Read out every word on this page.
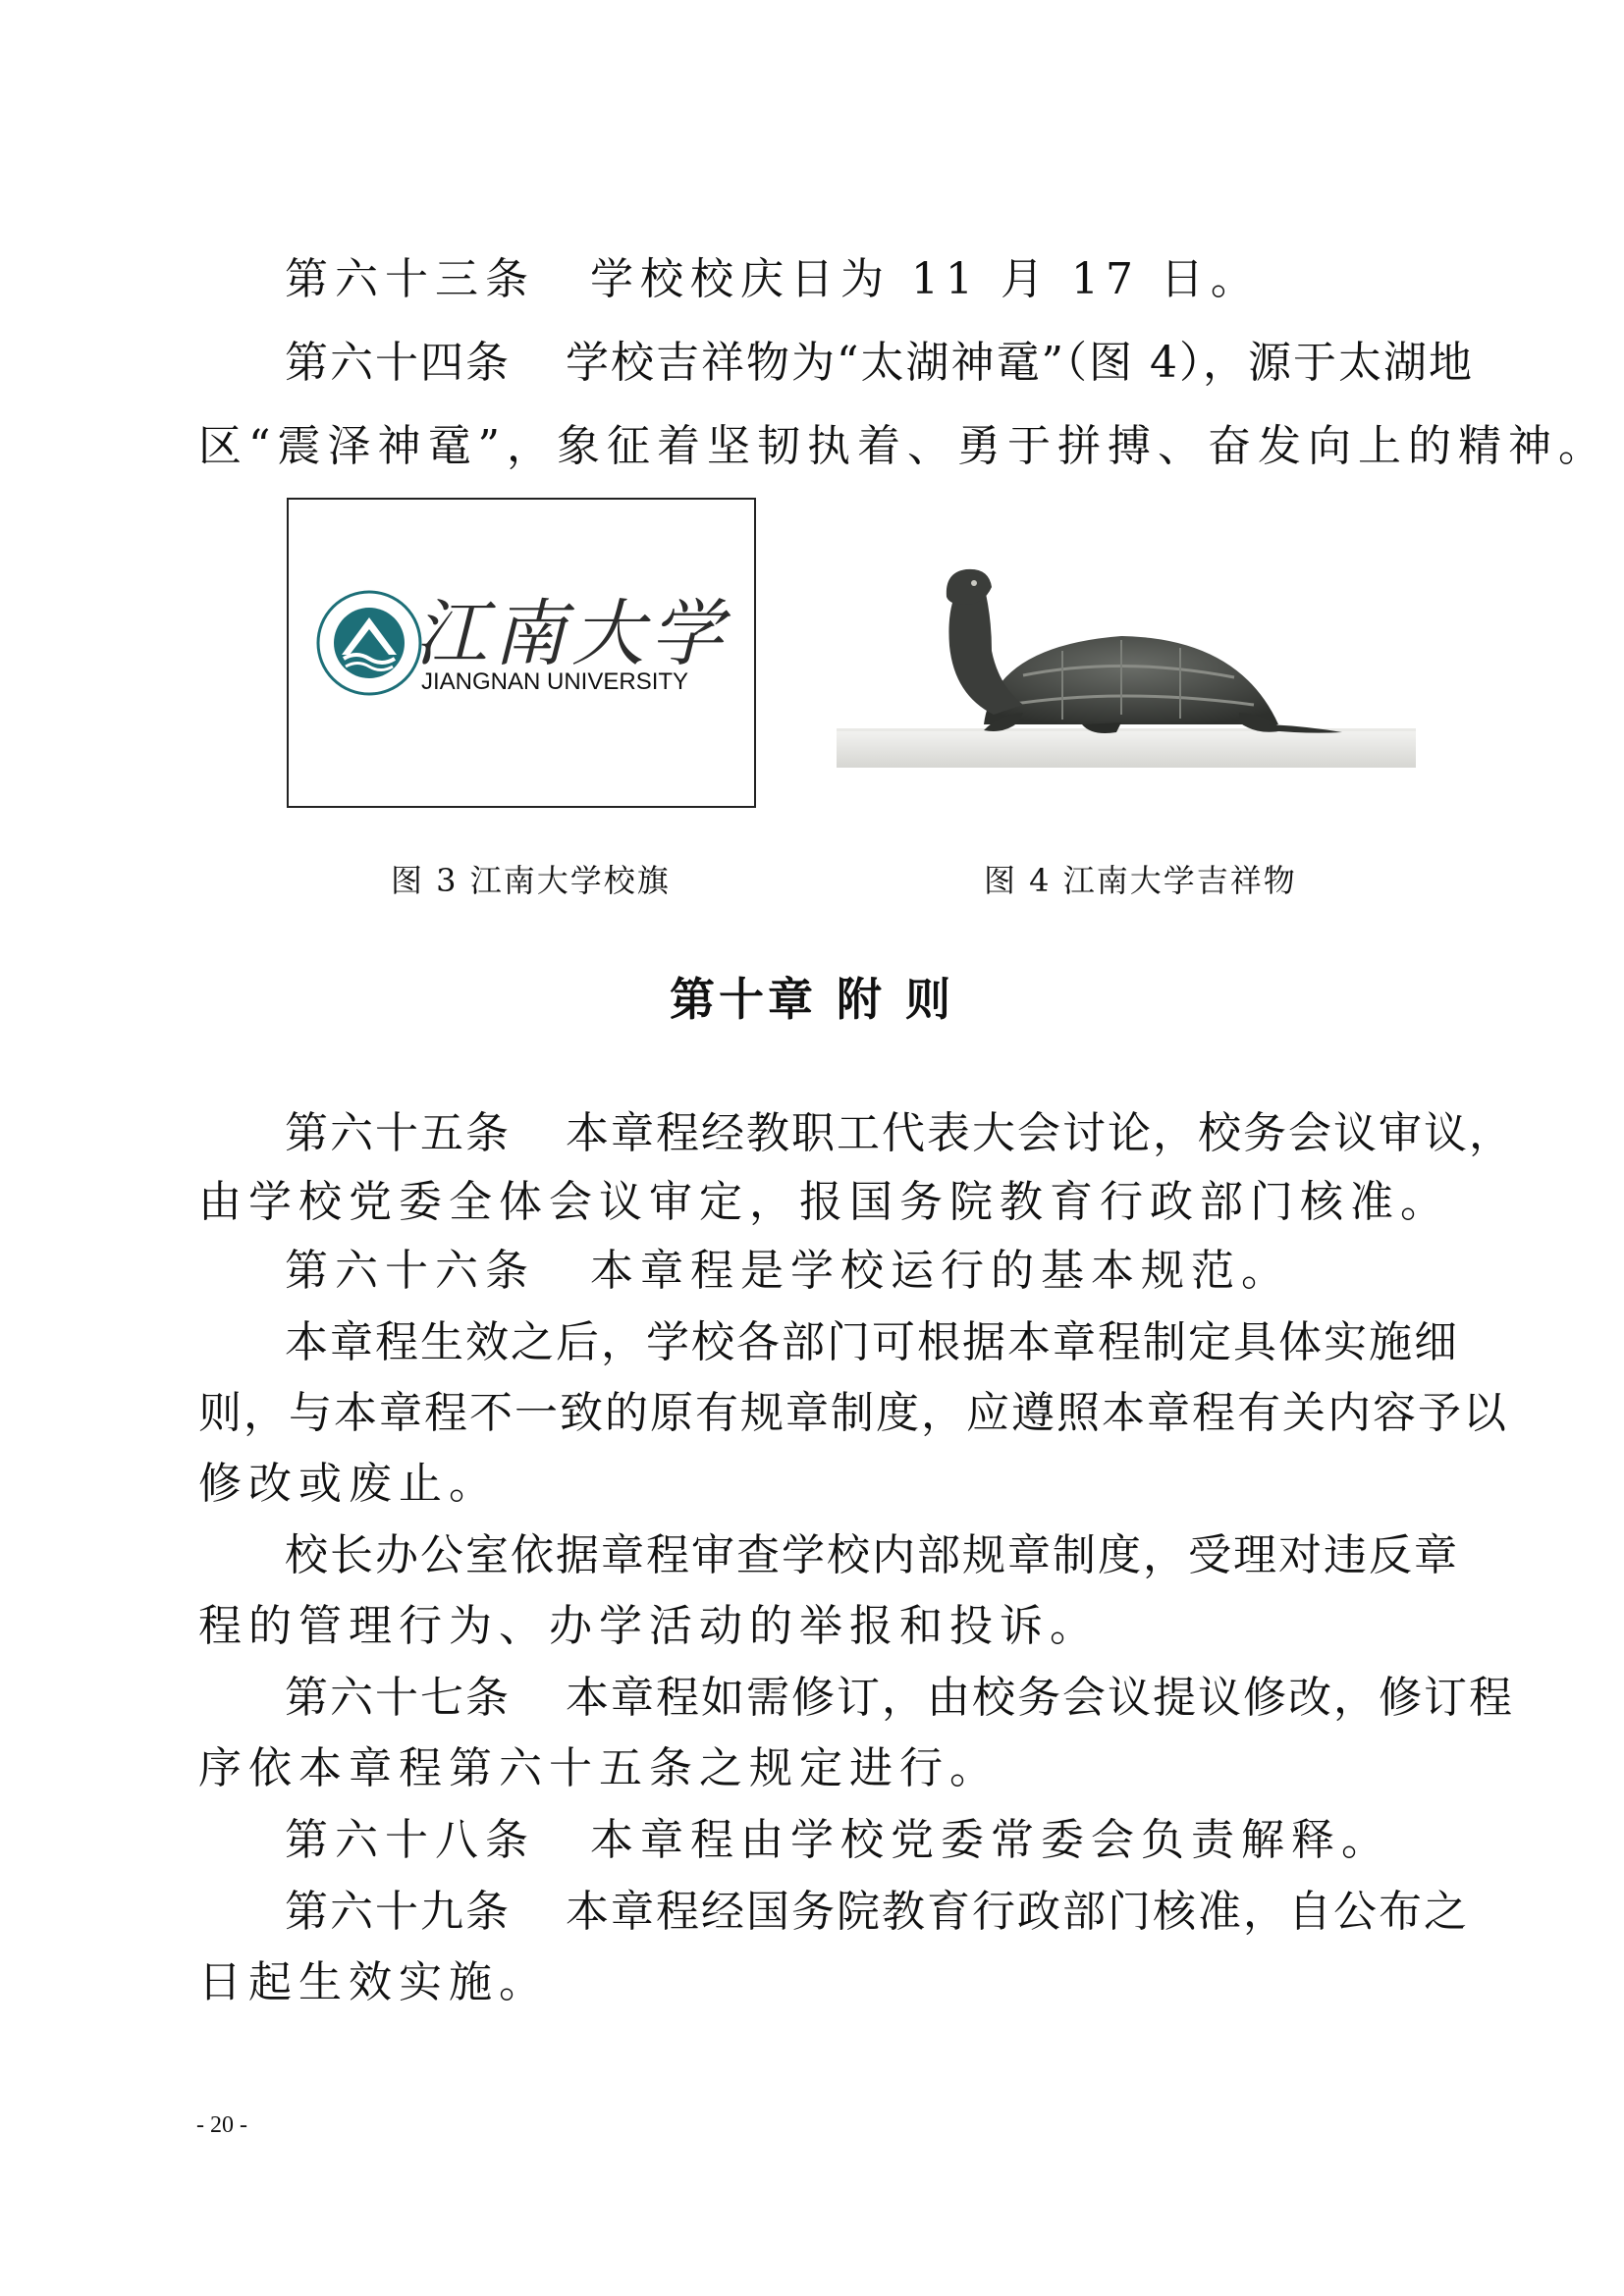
第六十三条 学校校庆日为 11 月 17 日。
第六十四条 学校吉祥物为“太湖神鼋”（图 4），源于太湖地
区“震泽神鼋”，象征着坚韧执着、勇于拼搏、奋发向上的精神。
江南大学
JIANGNAN UNIVERSITY
图 3 江南大学校旗	图 4 江南大学吉祥物
第十章 附 则
第六十五条 本章程经教职工代表大会讨论，校务会议审议，
由学校党委全体会议审定，报国务院教育行政部门核准。
第六十六条 本章程是学校运行的基本规范。
本章程生效之后，学校各部门可根据本章程制定具体实施细
则，与本章程不一致的原有规章制度，应遵照本章程有关内容予以
修改或废止。
校长办公室依据章程审查学校内部规章制度，受理对违反章
程的管理行为、办学活动的举报和投诉。
第六十七条 本章程如需修订，由校务会议提议修改，修订程
序依本章程第六十五条之规定进行。
第六十八条 本章程由学校党委常委会负责解释。
第六十九条 本章程经国务院教育行政部门核准，自公布之
日起生效实施。
- 20 -
